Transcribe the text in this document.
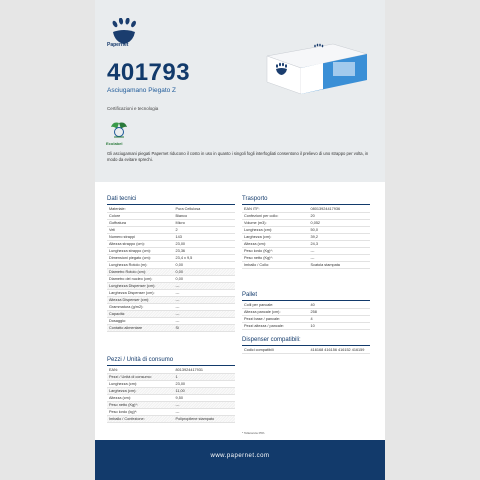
Papernet
401793
Asciugamano Piegato Z
Certificazioni e tecnologia
Ecolabel
Gli asciugamani piegati Papernet riducono il costo in uso in quanto i singoli fogli interfogliati consentono il prelievo di uno strappo per volta, in modo da evitare sprechi.
Dati tecnici
Materiale:	Pura Cellulosa
Colore	Bianco
Goffratura	Micro
Veli	2
Numero strappi	143
Altezza strappo (cm):	23,00
Lunghezza strappo (cm):	23,36
Dimensioni piegato (cm):	23,4 x 9,5
Lunghezza Rotolo (m):	0,00
Diametro Rotolo (cm):	0,00
Diametro del nucleo (cm):	0,00
Lunghezza Dispenser (cm):	---
Larghezza Dispenser (cm):	---
Altezza Dispenser (cm):	---
Grammatura (g/m2):	---
Capacità:	---
Dosaggio:	---
Contatto alimentare	Si
Pezzi / Unità di consumo
EAN:	8013924417931
Pezzi / Unità di consumo:	1
Lunghezza (cm):	23,00
Larghezza (cm):	11,00
Altezza (cm):	9,50
Peso netto (Kg)*:	---
Peso lordo (kg)*:	---
Imballo / Confezione:	Polipropilene stampato
Trasporto
EAN ITF:	08013924417936
Confezioni per collo:	20
Volume (m3):	0,052
Lunghezza (cm):	50,0
Larghezza (cm):	39,2
Altezza (cm):	24,3
Peso lordo (Kg)*:	---
Peso netto (Kg)*:	---
Imballo / Collo:	Scatola stampata
Pallet
Colli per pancale:	40
Altezza pancale (cm):	258
Pezzi base / pancale:	4
Pezzi altezza / pancale:	10
Dispenser compatibili:
Codici compatibili	416168 416156 416152 416159
* Tolleranza ±5%
www.papernet.com
